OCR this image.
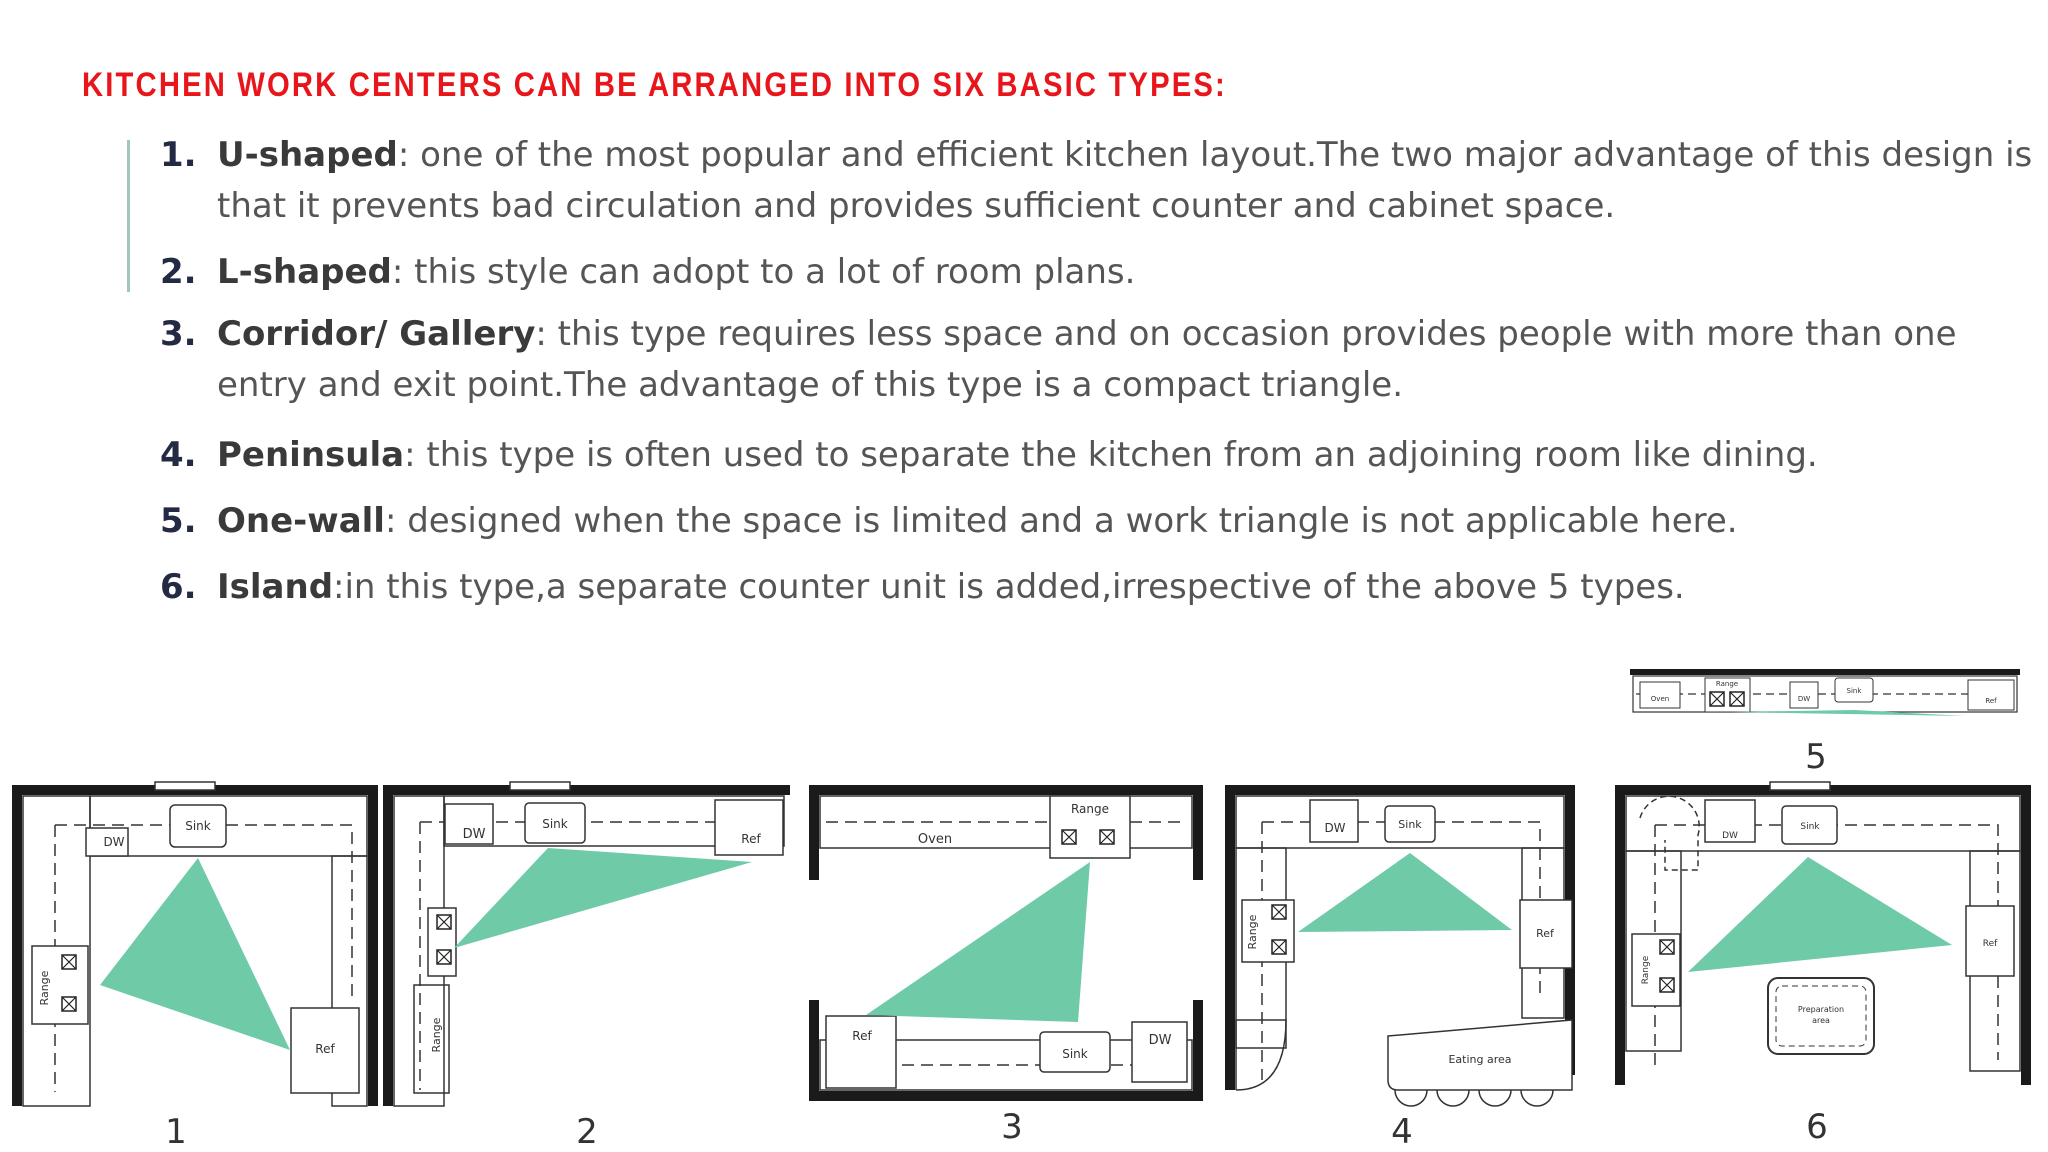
KITCHEN WORK CENTERS CAN BE ARRANGED INTO SIX BASIC TYPES:
1. U-shaped: one of the most popular and efficient kitchen layout.The two major advantage of this design is
that it prevents bad circulation and provides sufficient counter and cabinet space.
2. L-shaped: this style can adopt to a lot of room plans.
3. Corridor/ Gallery: this type requires less space and on occasion provides people with more than one
entry and exit point.The advantage of this type is a compact triangle.
4. Peninsula: this type is often used to separate the kitchen from an adjoining room like dining.
5. One-wall: designed when the space is limited and a work triangle is not applicable here.
6. Island:in this type,a separate counter unit is added,irrespective of the above 5 types.
DW
Sink
Range
Ref
1
DW
Sink
Ref
Range
2
Oven
Range
Ref
Sink
DW
3
DW	Sink
Range	Ref
Eating area
4
Oven
Range
DW
Sink
Ref
5
DW
Sink
Range
Ref
Preparation
area
6
